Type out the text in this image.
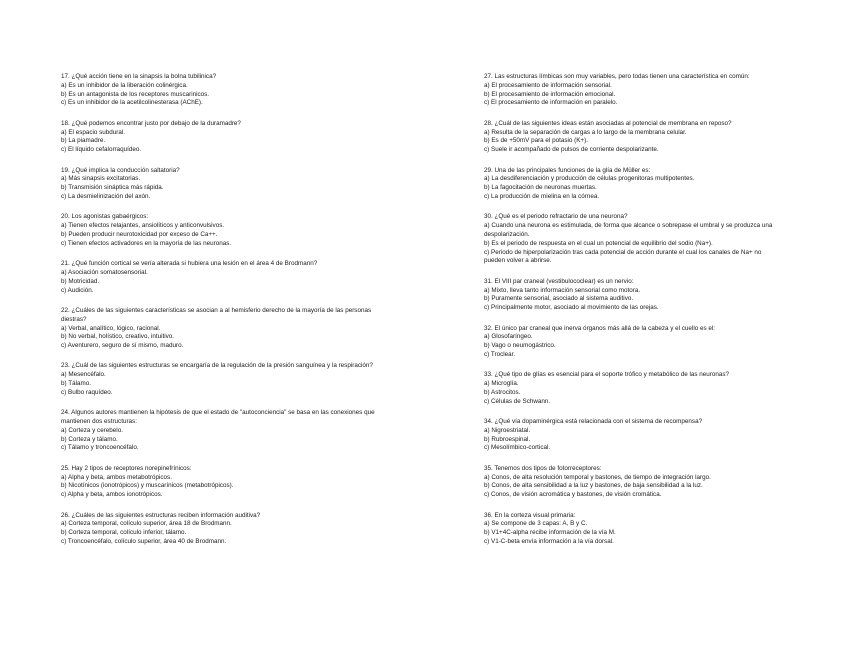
17. ¿Qué acción tiene en la sinapsis la bolna tubilinica?
a) Es un inhibidor de la liberación colinérgica.
b) Es un antagonista de los receptores muscarinicos.
c) Es un inhibidor de la acetilcolinesterasa (AChE).
18. ¿Qué podemos encontrar justo por debajo de la duramadre?
a) El espacio subdural.
b) La piamadre.
c) El líquido cefalorraquídeo.
19. ¿Qué implica la conducción saltatoria?
a) Más sinapsis excitatorias.
b) Transmisión sináptica más rápida.
c) La desmielinización del axón.
20. Los agonistas gabaérgicos:
a) Tienen efectos relajantes, ansiolíticos y anticonvulsivos.
b) Pueden producir neurotoxicidad por exceso de Ca++.
c) Tienen efectos activadores en la mayoría de las neuronas.
21. ¿Qué función cortical se vería alterada si hubiera una lesión en el área 4 de Brodmann?
a) Asociación somatosensorial.
b) Motricidad.
c) Audición.
22. ¿Cuáles de las siguientes características se asocian a al hemisferio derecho de la mayoría de las personas diestras?
a) Verbal, analítico, lógico, racional.
b) No verbal, holístico, creativo, intuitivo.
c) Aventurero, seguro de sí mismo, maduro.
23. ¿Cuál de las siguientes estructuras se encargaría de la regulación de la presión sanguínea y la respiración?
a) Mesencéfalo.
b) Tálamo.
c) Bulbo raquídeo.
24. Algunos autores mantienen la hipótesis de que el estado de "autoconciencia" se basa en las conexiones que mantienen dos estructuras:
a) Corteza y cerebelo.
b) Corteza y tálamo.
c) Tálamo y troncoencéfalo.
25. Hay 2 tipos de receptores norepinefrínicos:
a) Alpha y beta, ambos metabotrópicos.
b) Nicotínicos (ionotrópicos) y muscarínicos (metabotrópicos).
c) Alpha y beta, ambos ionotrópicos.
26. ¿Cuáles de las siguientes estructuras reciben información auditiva?
a) Corteza temporal, colículo superior, área 18 de Brodmann.
b) Corteza temporal, colículo inferior, tálamo.
c) Troncoencéfalo, colículo superior, área 40 de Brodmann.
27. Las estructuras límbicas son muy variables, pero todas tienen una característica en común:
a) El procesamiento de información sensorial.
b) El procesamiento de información emocional.
c) El procesamiento de información en paralelo.
28. ¿Cuál de las siguientes ideas están asociadas al potencial de membrana en reposo?
a) Resulta de la separación de cargas a lo largo de la membrana celular.
b) Es de +50mV para el potasio (K+).
c) Suele ir acompañado de pulsos de corriente despolarizante.
29. Una de las principales funciones de la glía de Müller es:
a) La desdiferenciación y producción de células progenitoras multipotentes.
b) La fagocitación de neuronas muertas.
c) La producción de mielina en la córnea.
30. ¿Qué es el periodo refractario de una neurona?
a) Cuando una neurona es estimulada, de forma que alcance o sobrepase el umbral y se produzca una despolarización.
b) Es el periodo de respuesta en el cual un potencial de equilibrio del sodio (Na+).
c) Periodo de hiperpolarización tras cada potencial de acción durante el cual los canales de Na+ no pueden volver a abrirse.
31. El VIII par craneal (vestibulococlear) es un nervio:
a) Mixto, lleva tanto información sensorial como motora.
b) Puramente sensorial, asociado al sistema auditivo.
c) Principalmente motor, asociado al movimiento de las orejas.
32. El único par craneal que inerva órganos más allá de la cabeza y el cuello es el:
a) Glosofaríngeo.
b) Vago o neumogástrico.
c) Troclear.
33. ¿Qué tipo de glías es esencial para el soporte trófico y metabólico de las neuronas?
a) Microglía.
b) Astrocitos.
c) Células de Schwann.
34. ¿Qué vía dopaminérgica está relacionada con el sistema de recompensa?
a) Nigroestriatal.
b) Rubroespinal.
c) Mesolímbico-cortical.
35. Tenemos dos tipos de fotorreceptores:
a) Conos, de alta resolución temporal y bastones, de tiempo de integración largo.
b) Conos, de alta sensibilidad a la luz y bastones, de baja sensibilidad a la luz.
c) Conos, de visión acromática y bastones, de visión cromática.
36. En la corteza visual primaria:
a) Se compone de 3 capas: A, B y C.
b) V1+4C-alpha recibe información de la vía M.
c) V1-C-beta envía información a la vía dorsal.
